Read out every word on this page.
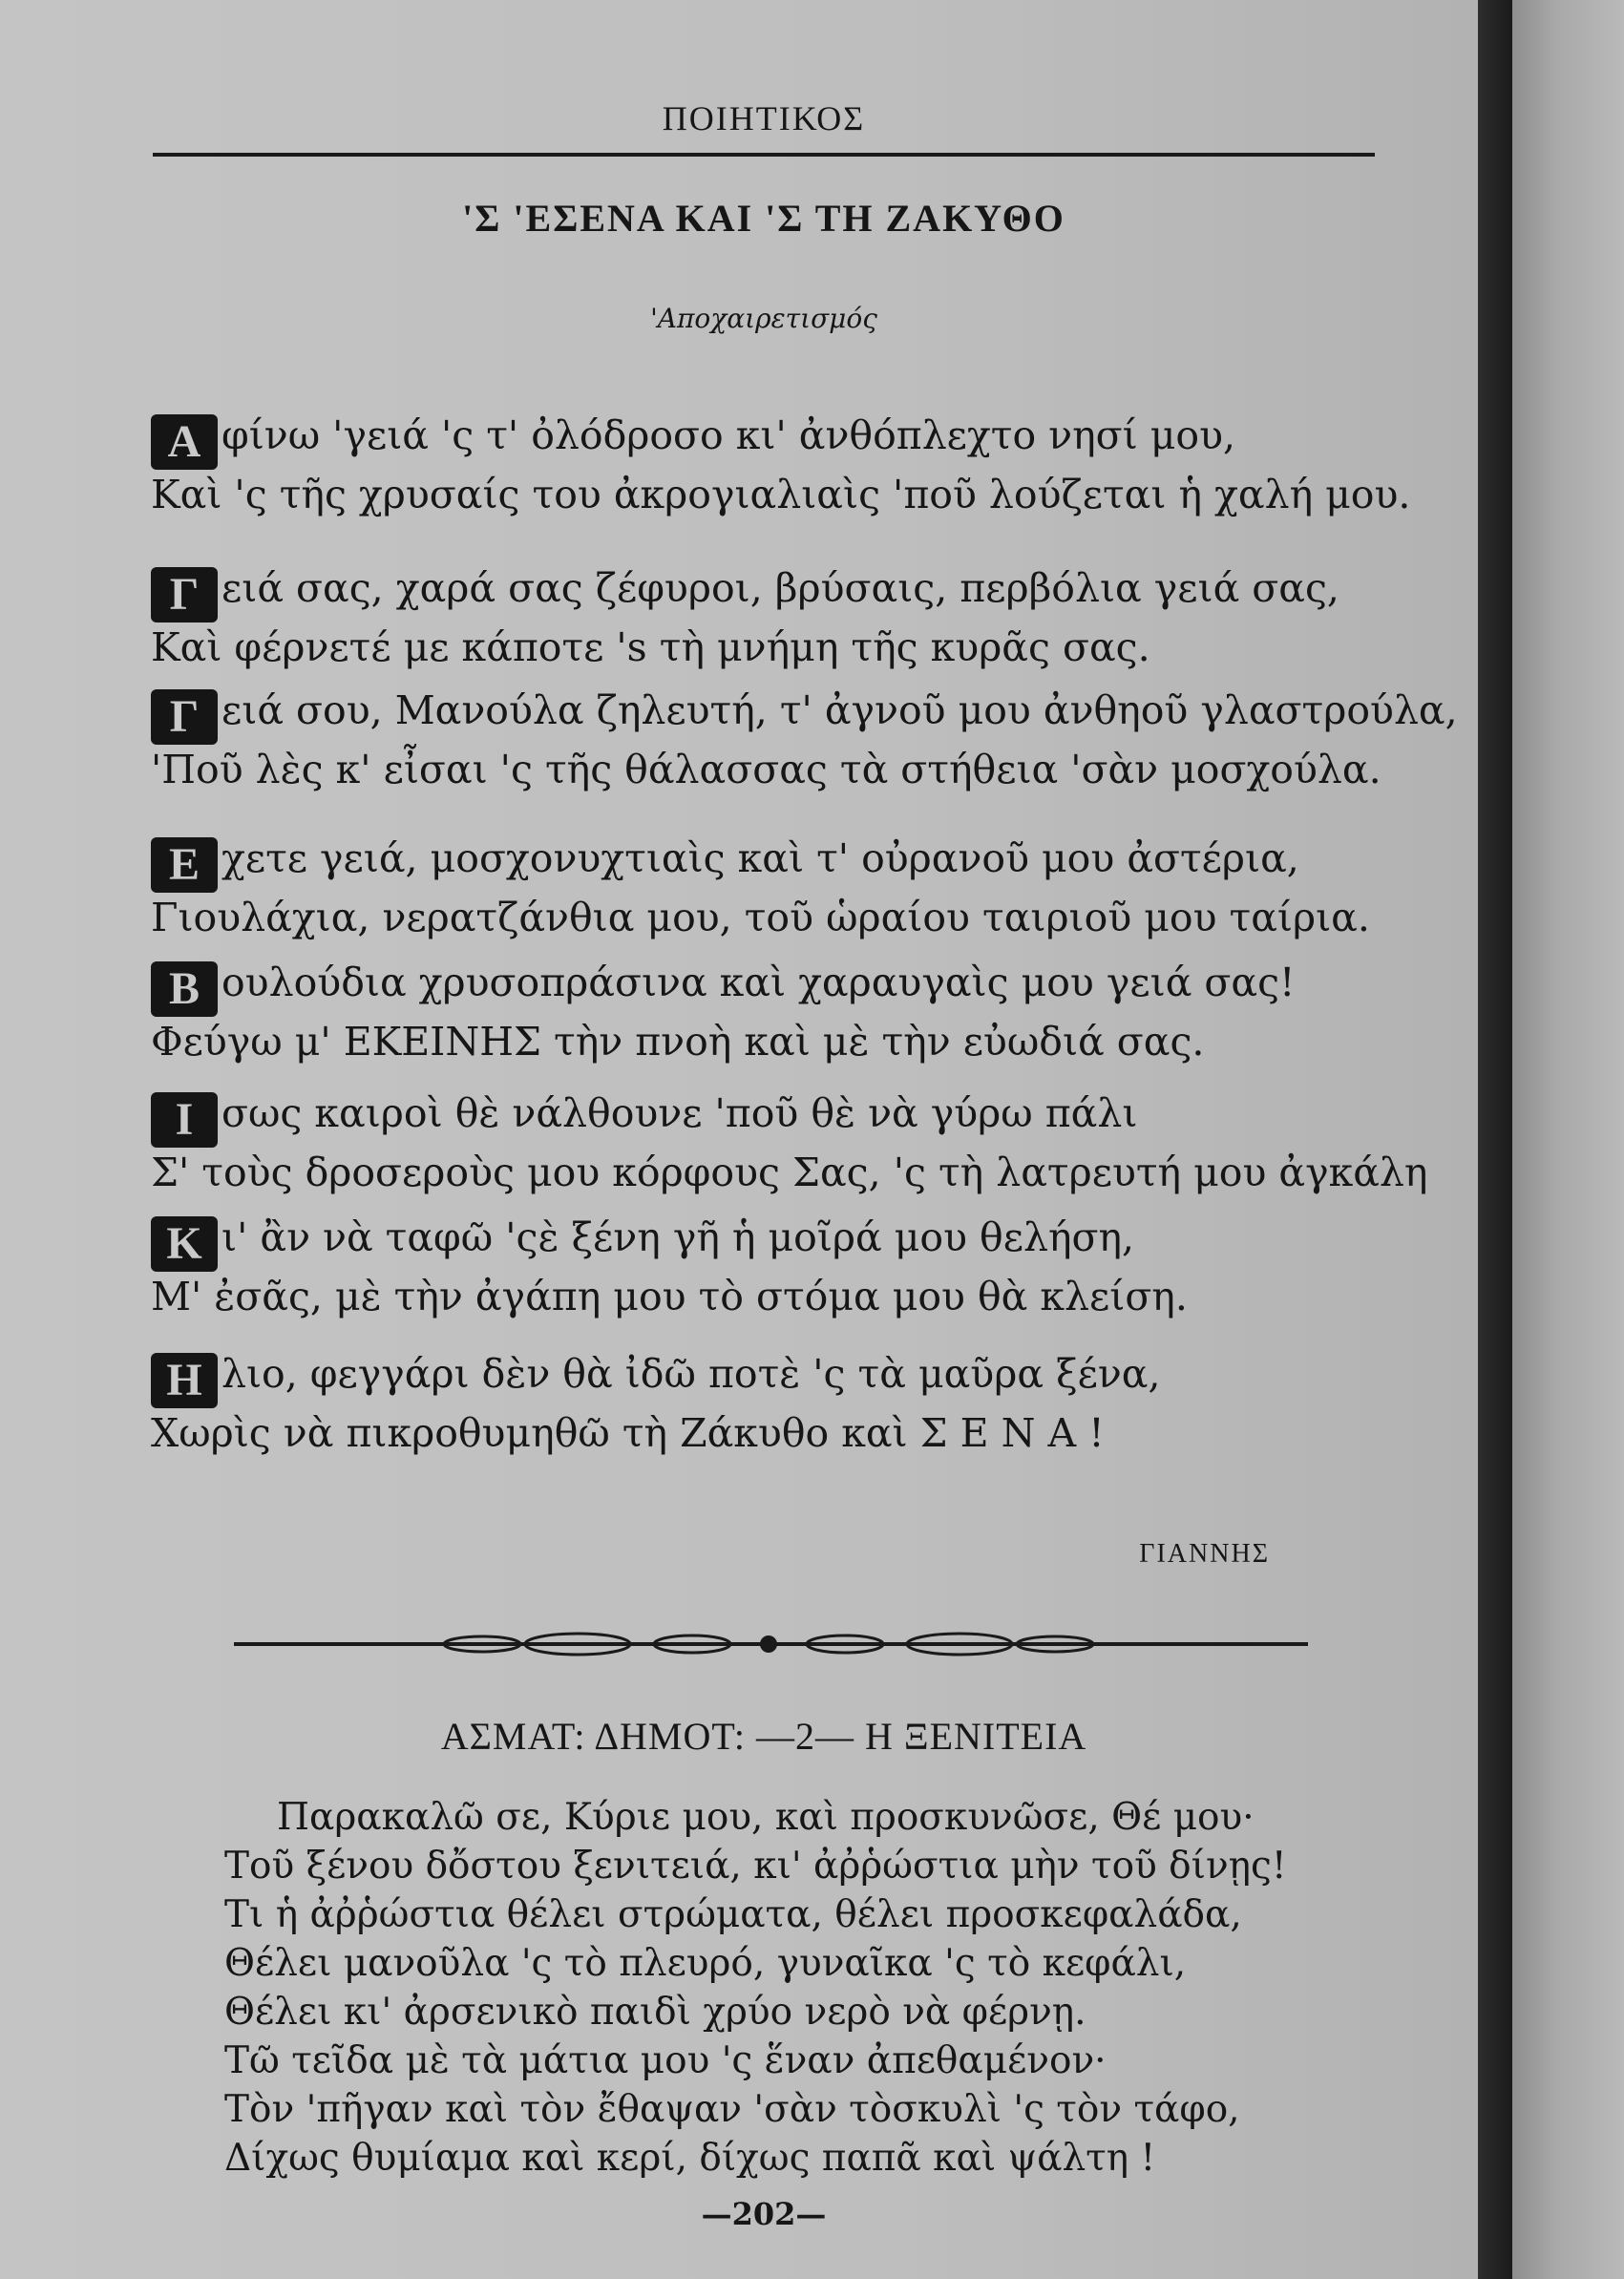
ΠΟΙΗΤΙΚΟΣ
'Σ 'ΕΣΕΝΑ ΚΑΙ 'Σ ΤΗ ΖΑΚΥΘΟ
'Αποχαιρετισμός
Α φίνω 'γειά 'ς τ' ὀλόδροσο κι' ἀνθόπλεχτο νησί μου,
Καὶ 'ς τῆς χρυσαίς του ἀκρογιαλιαὶς 'ποῦ λούζεται ἡ χαλή μου.
Γ ειά σας, χαρά σας ζέφυροι, βρύσαις, περβόλια γειά σας,
Καὶ φέρνετέ με κάποτε 's τὴ μνήμη τῆς κυρᾶς σας.
Γ ειά σου, Μανούλα ζηλευτή, τ' ἀγνοῦ μου ἀνθηοῦ γλαστρούλα,
'Ποῦ λὲς κ' εἶσαι 'ς τῆς θάλασσας τὰ στήθεια 'σὰν μοσχούλα.
Ε χετε γειά, μοσχονυχτιαὶς καὶ τ' οὐρανοῦ μου ἀστέρια,
Γιουλάχια, νερατζάνθια μου, τοῦ ὡραίου ταιριοῦ μου ταίρια.
Β ουλούδια χρυσοπράσινα καὶ χαραυγαὶς μου γειά σας!
Φεύγω μ' ΕΚΕΙΝΗΣ τὴν πνοὴ καὶ μὲ τὴν εὐωδιά σας.
Ι σως καιροὶ θὲ νάλθουνε 'ποῦ θὲ νὰ γύρω πάλι
Σ' τοὺς δροσεροὺς μου κόρφους Σας, 'ς τὴ λατρευτή μου ἀγκάλη
Κ ι' ἂν νὰ ταφῶ 'ςὲ ξένη γῆ ἡ μοῖρά μου θελήση,
Μ' ἐσᾶς, μὲ τὴν ἀγάπη μου τὸ στόμα μου θὰ κλείση.
Η λιο, φεγγάρι δὲν θὰ ἰδῶ ποτὲ 'ς τὰ μαῦρα ξένα,
Χωρὶς νὰ πικροθυμηθῶ τὴ Ζάκυθο καὶ Σ Ε Ν Α !
ΓΙΑΝΝΗΣ
ΑΣΜΑΤ: ΔΗΜΟΤ: —2— Η ΞΕΝΙΤΕΙΑ
Παρακαλῶ σε, Κύριε μου, καὶ προσκυνῶσε, Θέ μου·
Τοῦ ξένου δὄστου ξενιτειά, κι' ἀῤῥώστια μὴν τοῦ δίνῃς!
Τι ἡ ἀῤῥώστια θέλει στρώματα, θέλει προσκεφαλάδα,
Θέλει μανοῦλα 'ς τὸ πλευρό, γυναῖκα 'ς τὸ κεφάλι,
Θέλει κι' ἀρσενικὸ παιδὶ χρύο νερὸ νὰ φέρνῃ.
Τῶ τεῖδα μὲ τὰ μάτια μου 'ς ἕναν ἀπεθαμένον·
Τὸν 'πῆγαν καὶ τὸν ἔθαψαν 'σὰν τὸσκυλὶ 'ς τὸν τάφο,
Δίχως θυμίαμα καὶ κερί, δίχως παπᾶ καὶ ψάλτη !
—202—
